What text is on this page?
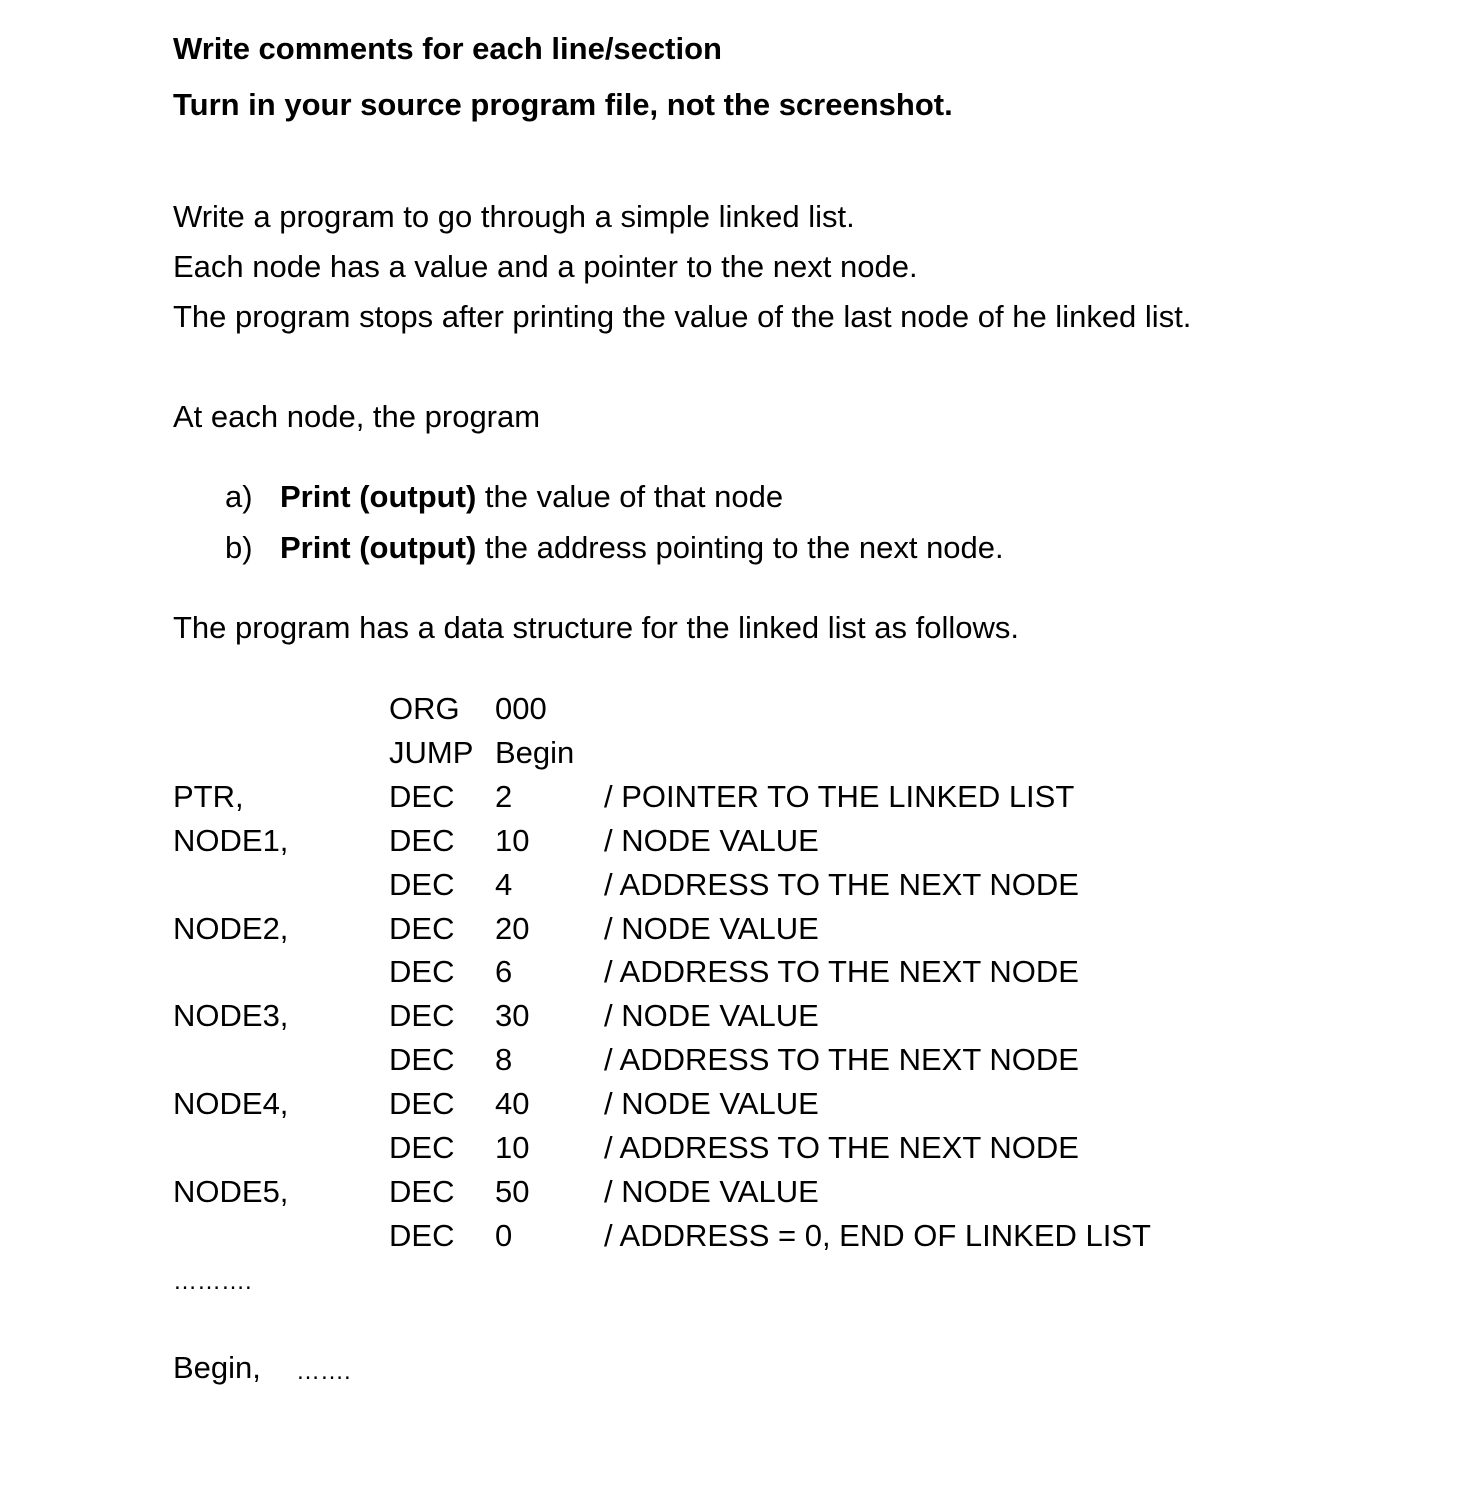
Write comments for each line/section
Turn in your source program file, not the screenshot.
Write a program to go through a simple linked list.
Each node has a value and a pointer to the next node.
The program stops after printing the value of the last node of he linked list.
At each node, the program
a) Print (output) the value of that node
b) Print (output) the address pointing to the next node.
The program has a data structure for the linked list as follows.
ORG 000
JUMP Begin
PTR,	DEC 2	/ POINTER TO THE LINKED LIST
NODE1,	DEC 10 / NODE VALUE
DEC 4	/ ADDRESS TO THE NEXT NODE
NODE2,	DEC 20 / NODE VALUE
DEC 6	/ ADDRESS TO THE NEXT NODE
NODE3,	DEC 30 / NODE VALUE
DEC 8	/ ADDRESS TO THE NEXT NODE
NODE4,	DEC 40 / NODE VALUE
DEC 10 / ADDRESS TO THE NEXT NODE
NODE5,	DEC 50 / NODE VALUE
DEC 0	/ ADDRESS = 0, END OF LINKED LIST
……….
Begin, …….
